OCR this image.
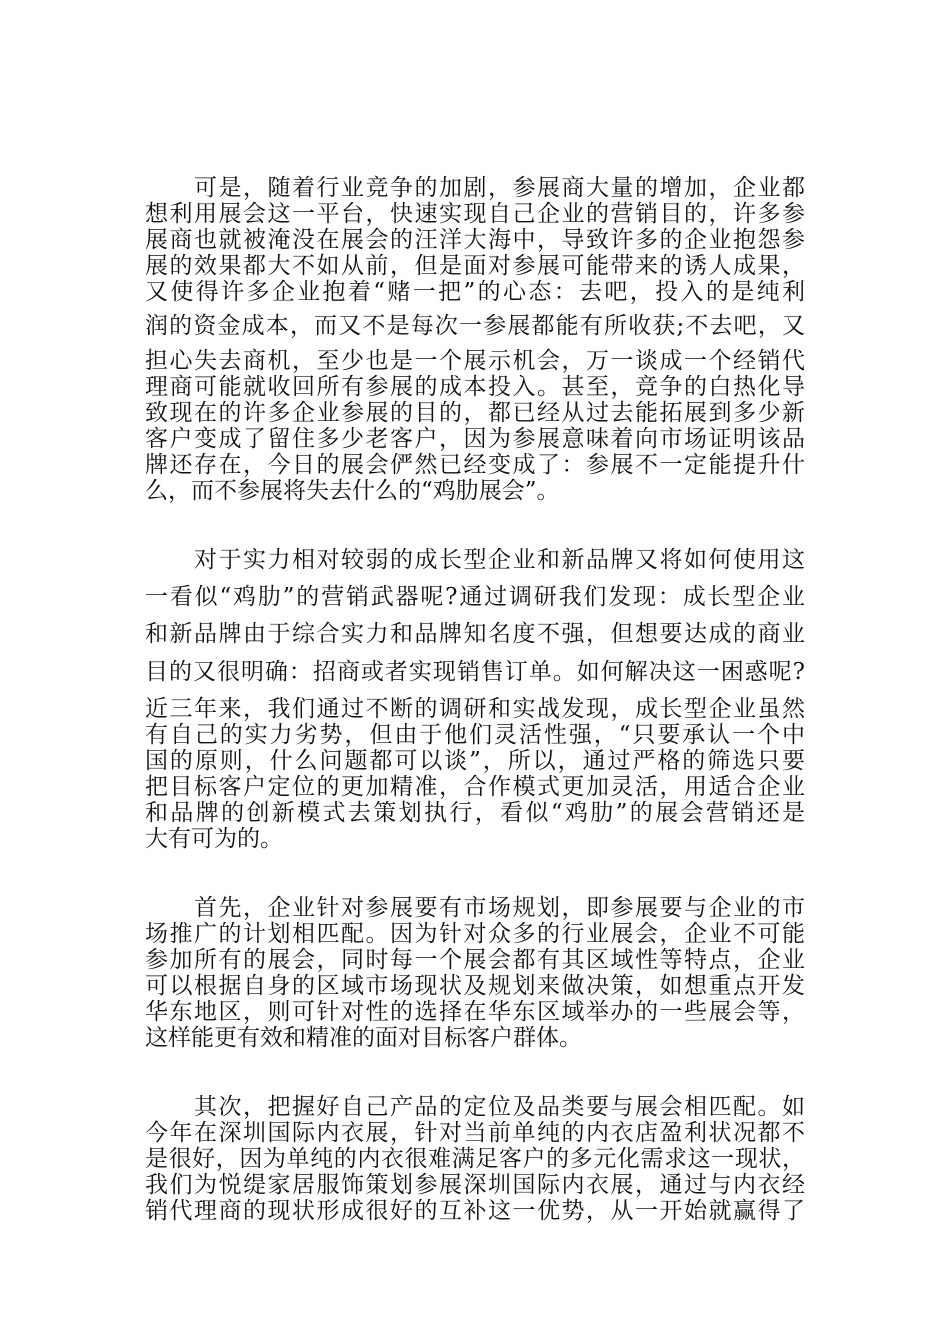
　　可是，随着行业竞争的加剧，参展商大量的增加，企业都
想利用展会这一平台，快速实现自己企业的营销目的，许多参
展商也就被淹没在展会的汪洋大海中，导致许多的企业抱怨参
展的效果都大不如从前，但是面对参展可能带来的诱人成果，
又使得许多企业抱着“赌一把”的心态：去吧，投入的是纯利
润的资金成本，而又不是每次一参展都能有所收获;不去吧，又
担心失去商机，至少也是一个展示机会，万一谈成一个经销代
理商可能就收回所有参展的成本投入。甚至，竞争的白热化导
致现在的许多企业参展的目的，都已经从过去能拓展到多少新
客户变成了留住多少老客户，因为参展意味着向市场证明该品
牌还存在，今日的展会俨然已经变成了：参展不一定能提升什
么，而不参展将失去什么的“鸡肋展会”。
　　对于实力相对较弱的成长型企业和新品牌又将如何使用这
一看似“鸡肋”的营销武器呢?通过调研我们发现：成长型企业
和新品牌由于综合实力和品牌知名度不强，但想要达成的商业
目的又很明确：招商或者实现销售订单。如何解决这一困惑呢?
近三年来，我们通过不断的调研和实战发现，成长型企业虽然
有自己的实力劣势，但由于他们灵活性强，“只要承认一个中
国的原则，什么问题都可以谈”，所以，通过严格的筛选只要
把目标客户定位的更加精准，合作模式更加灵活，用适合企业
和品牌的创新模式去策划执行，看似“鸡肋”的展会营销还是
大有可为的。
　　首先，企业针对参展要有市场规划，即参展要与企业的市
场推广的计划相匹配。因为针对众多的行业展会，企业不可能
参加所有的展会，同时每一个展会都有其区域性等特点，企业
可以根据自身的区域市场现状及规划来做决策，如想重点开发
华东地区，则可针对性的选择在华东区域举办的一些展会等，
这样能更有效和精准的面对目标客户群体。
　　其次，把握好自己产品的定位及品类要与展会相匹配。如
今年在深圳国际内衣展，针对当前单纯的内衣店盈利状况都不
是很好，因为单纯的内衣很难满足客户的多元化需求这一现状，
我们为悦缇家居服饰策划参展深圳国际内衣展，通过与内衣经
销代理商的现状形成很好的互补这一优势，从一开始就赢得了
